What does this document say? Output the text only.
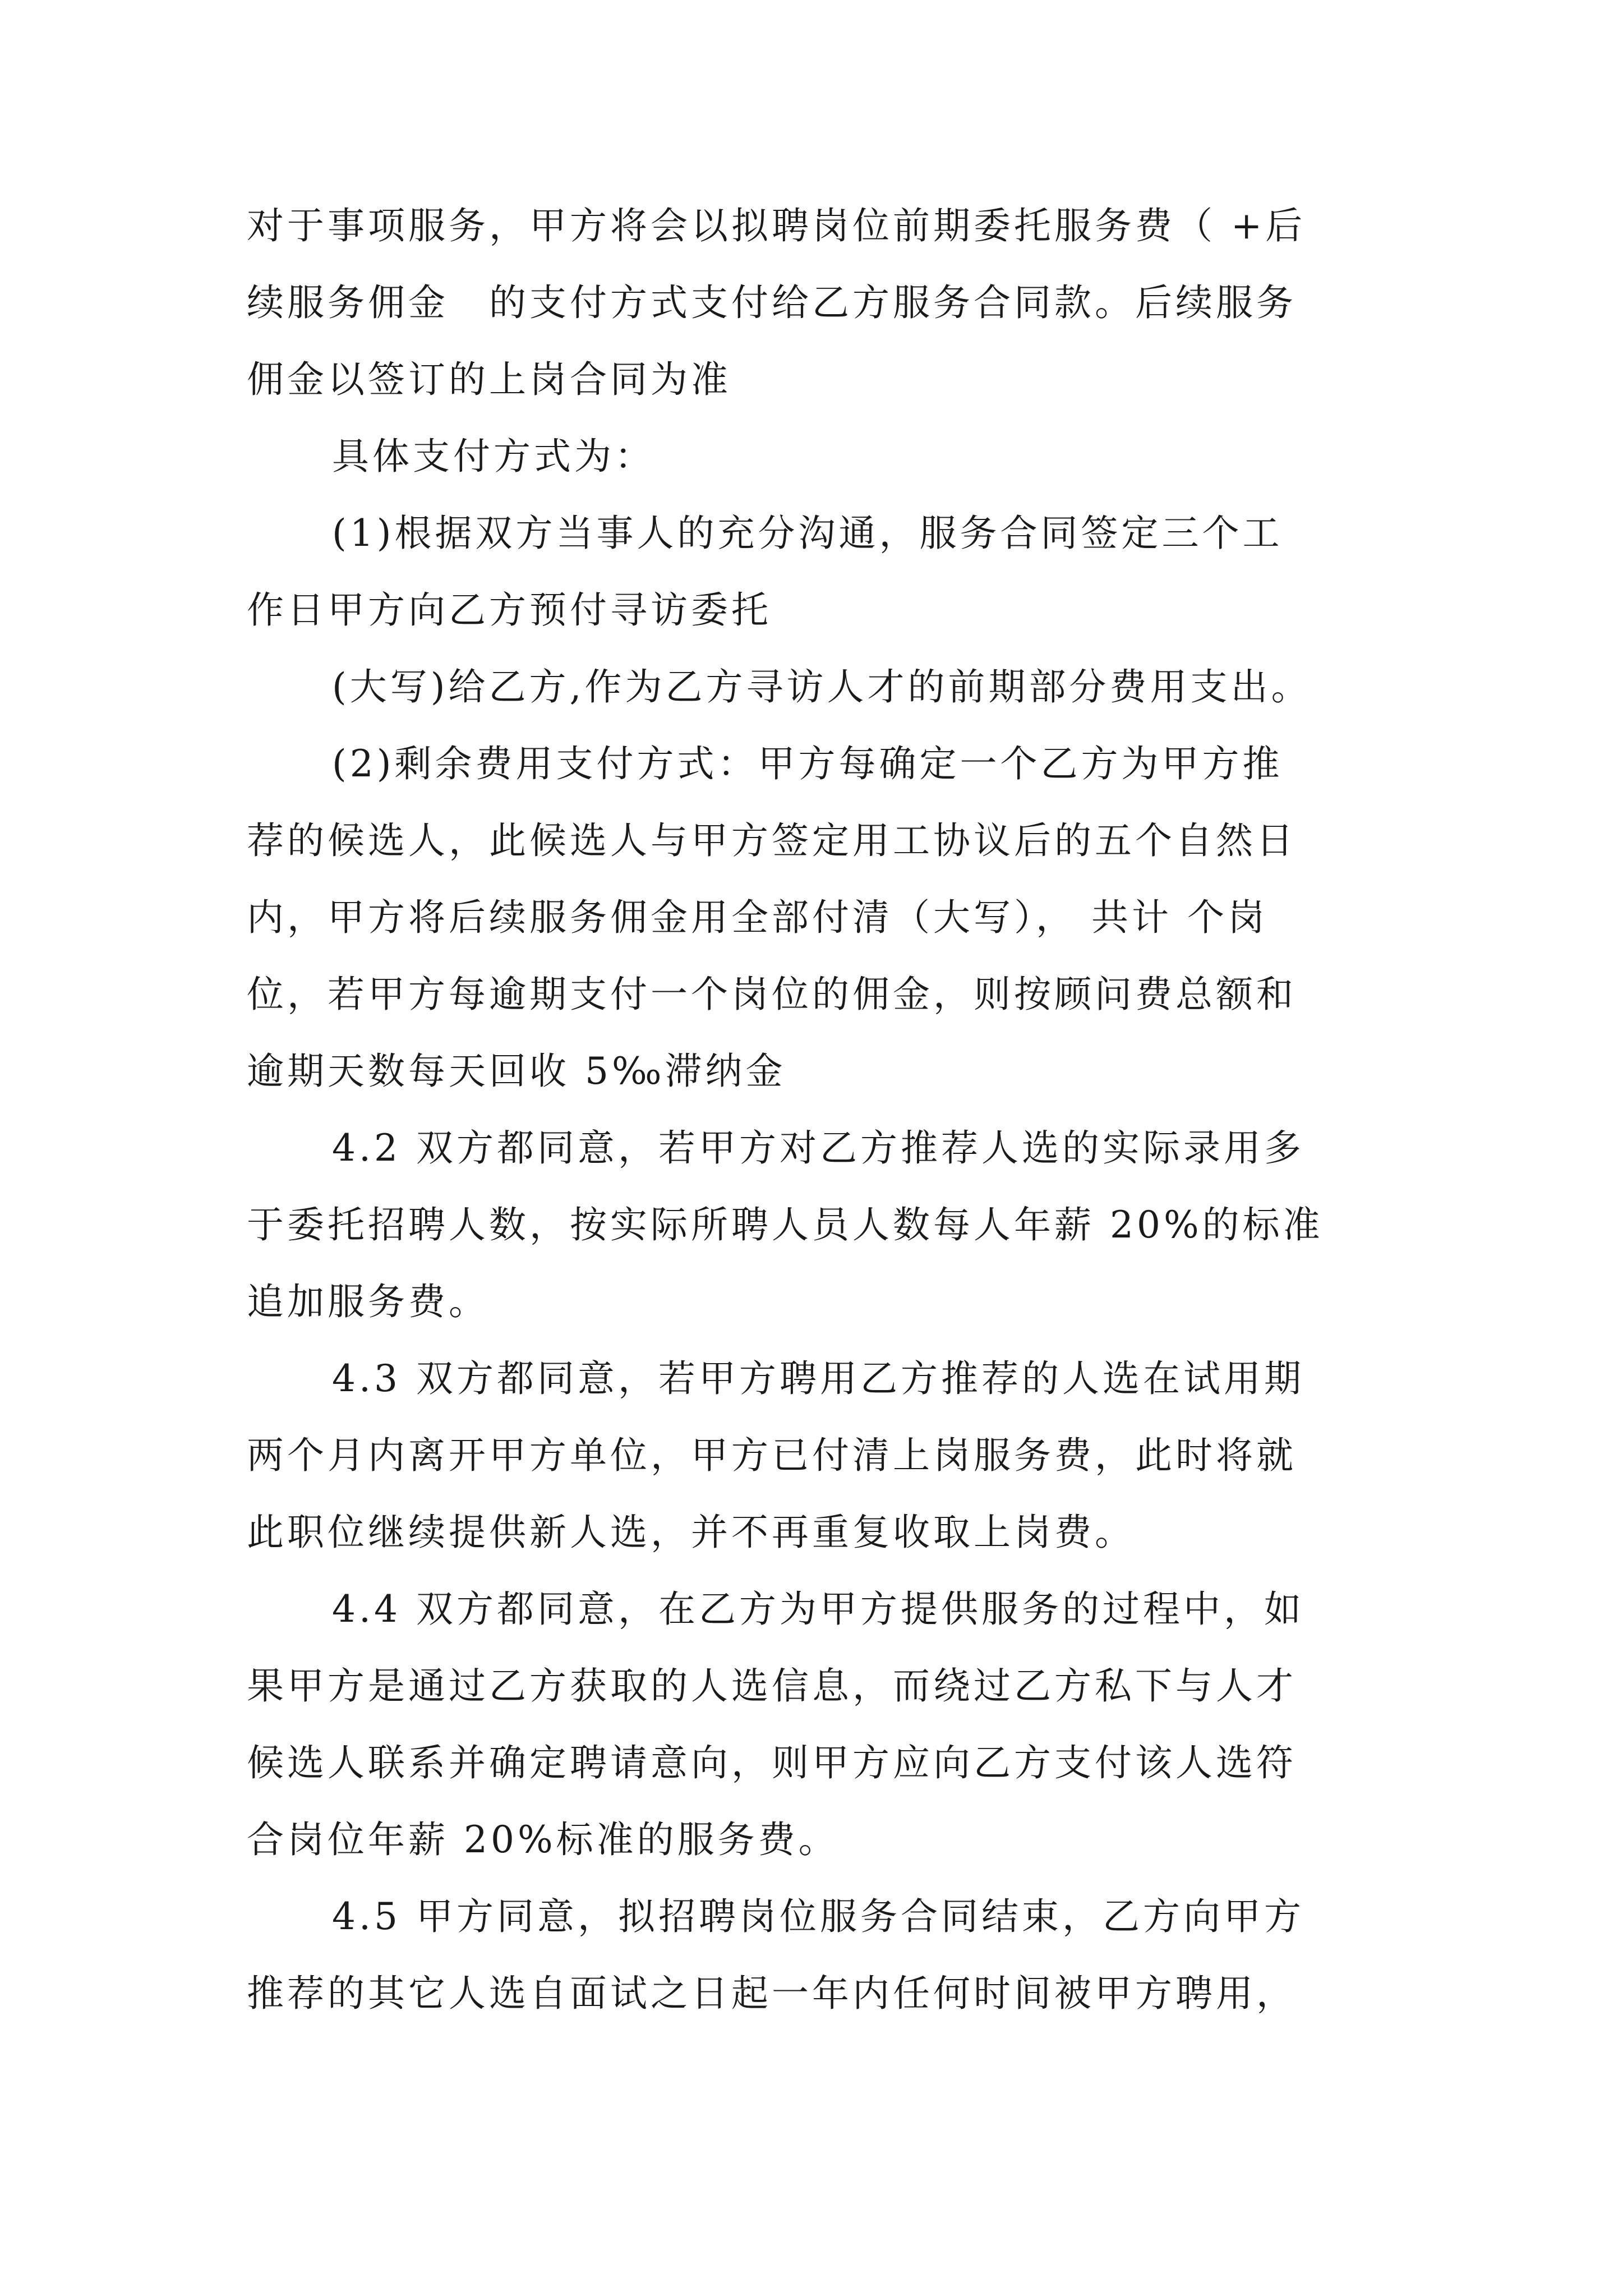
对于事项服务，甲方将会以拟聘岗位前期委托服务费（ +后
续服务佣金　的支付方式支付给乙方服务合同款。后续服务
佣金以签订的上岗合同为准
具体支付方式为：
(1)根据双方当事人的充分沟通，服务合同签定三个工
作日甲方向乙方预付寻访委托
(大写)给乙方,作为乙方寻访人才的前期部分费用支出。
(2)剩余费用支付方式：甲方每确定一个乙方为甲方推
荐的候选人，此候选人与甲方签定用工协议后的五个自然日
内，甲方将后续服务佣金用全部付清（大写）， 共计 个岗
位，若甲方每逾期支付一个岗位的佣金，则按顾问费总额和
逾期天数每天回收 5‰滞纳金
4.2 双方都同意，若甲方对乙方推荐人选的实际录用多
于委托招聘人数，按实际所聘人员人数每人年薪 20%的标准
追加服务费。
4.3 双方都同意，若甲方聘用乙方推荐的人选在试用期
两个月内离开甲方单位，甲方已付清上岗服务费，此时将就
此职位继续提供新人选，并不再重复收取上岗费。
4.4 双方都同意，在乙方为甲方提供服务的过程中，如
果甲方是通过乙方获取的人选信息，而绕过乙方私下与人才
候选人联系并确定聘请意向，则甲方应向乙方支付该人选符
合岗位年薪 20%标准的服务费。
4.5 甲方同意，拟招聘岗位服务合同结束，乙方向甲方
推荐的其它人选自面试之日起一年内任何时间被甲方聘用，
